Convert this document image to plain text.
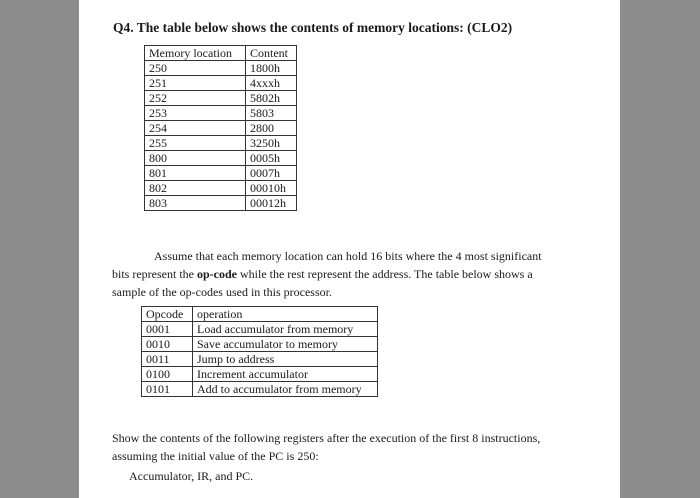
Q4. The table below shows the contents of memory locations: (CLO2)
Memory location	Content
250	1800h
251	4xxxh
252	5802h
253	5803
254	2800
255	3250h
800	0005h
801	0007h
802	00010h
803	00012h
Assume that each memory location can hold 16 bits where the 4 most significant
bits represent the op-code while the rest represent the address. The table below shows a
sample of the op-codes used in this processor.
Opcode	operation
0001	Load accumulator from memory
0010	Save accumulator to memory
0011	Jump to address
0100	Increment accumulator
0101	Add to accumulator from memory
Show the contents of the following registers after the execution of the first 8 instructions,
assuming the initial value of the PC is 250:
Accumulator, IR, and PC.
